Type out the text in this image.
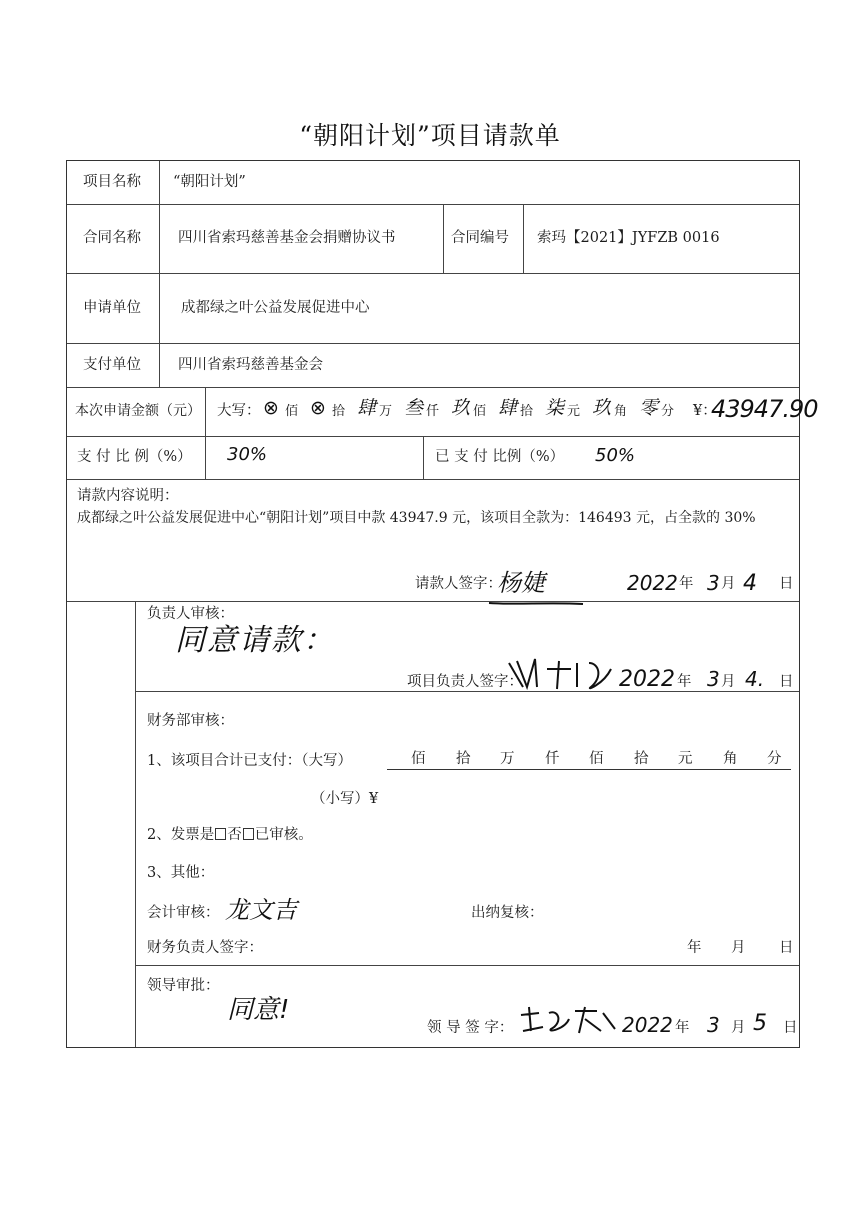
“朝阳计划”项目请款单
项目名称 “朝阳计划”
合同名称	四川省索玛慈善基金会捐赠协议书	合同编号 索玛【2021】JYFZB 0016
申请单位	成都绿之叶公益发展促进中心
支付单位	四川省索玛慈善基金会
本次申请金额（元） 大写： ⊗ 佰 ⊗ 拾 肆 万 叁 仟 玖 佰 肆 拾 柒 元 玖 角 零 分 ¥：
43947.90
支 付 比 例（%） 30%	已 支 付 比例（%） 50%
请款内容说明：
成都绿之叶公益发展促进中心“朝阳计划”项目中款 43947.9 元，该项目全款为：146493 元，占全款的 30%
请款人签字：
杨婕	2022 年 3 月 4 日
负责人审核：
同意请款：
项目负责人签字：	2022 年 3 月 4. 日
财务部审核：
1、该项目合计已支付：（大写）	佰 拾 万 仟 佰 拾 元 角 分
（小写）¥
2、发票是 否 已审核。
3、其他：
会计审核： 龙文吉	出纳复核：
财务负责人签字：	年 月 日
领导审批：
同意!
领 导 签 字：	2022 年 3 月 5 日
